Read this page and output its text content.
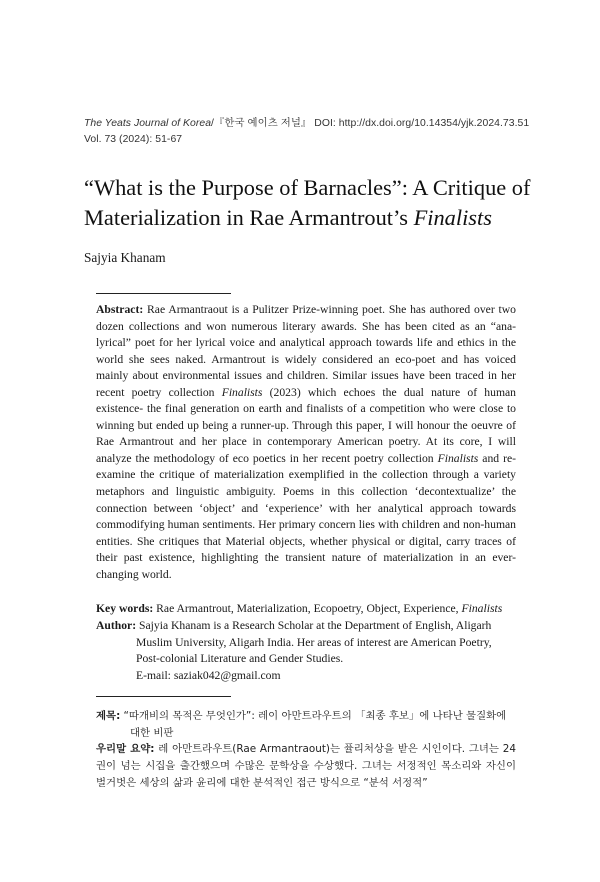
The Yeats Journal of Korea/『한국 예이츠 저널』 DOI: http://dx.doi.org/10.14354/yjk.2024.73.51
Vol. 73 (2024): 51-67
“What is the Purpose of Barnacles”: A Critique of Materialization in Rae Armantrout’s Finalists
Sajyia Khanam

Abstract: Rae Armantraout is a Pulitzer Prize-winning poet. She has authored over two dozen collections and won numerous literary awards. She has been cited as an “ana-lyrical” poet for her lyrical voice and analytical approach towards life and ethics in the world she sees naked. Armantrout is widely considered an eco-poet and has voiced mainly about environmental issues and children. Similar issues have been traced in her recent poetry collection Finalists (2023) which echoes the dual nature of human existence- the final generation on earth and finalists of a competition who were close to winning but ended up being a runner-up. Through this paper, I will honour the oeuvre of Rae Armantrout and her place in contemporary American poetry. At its core, I will analyze the methodology of eco poetics in her recent poetry collection Finalists and re-examine the critique of materialization exemplified in the collection through a variety metaphors and linguistic ambiguity. Poems in this collection ‘decontextualize’ the connection between ‘object’ and ‘experience’ with her analytical approach towards commodifying human sentiments. Her primary concern lies with children and non-human entities. She critiques that Material objects, whether physical or digital, carry traces of their past existence, highlighting the transient nature of materialization in an ever-changing world.

Key words: Rae Armantrout, Materialization, Ecopoetry, Object, Experience, Finalists

Author: Sajyia Khanam is a Research Scholar at the Department of English, Aligarh Muslim University, Aligarh India. Her areas of interest are American Poetry, Post-colonial Literature and Gender Studies.

E-mail: saziak042@gmail.com

제목: “따개비의 목적은 무엇인가”: 레이 아만트라우트의 「최종 후보」에 나타난 물질화에 대한 비판

우리말 요약: 레 아만트라우트(Rae Armantraout)는 퓰리처상을 받은 시인이다. 그녀는 24권이 넘는 시집을 출간했으며 수많은 문학상을 수상했다. 그녀는 서정적인 목소리와 자신이 벌거벗은 세상의 삶과 윤리에 대한 분석적인 접근 방식으로 “분석 서정적”
